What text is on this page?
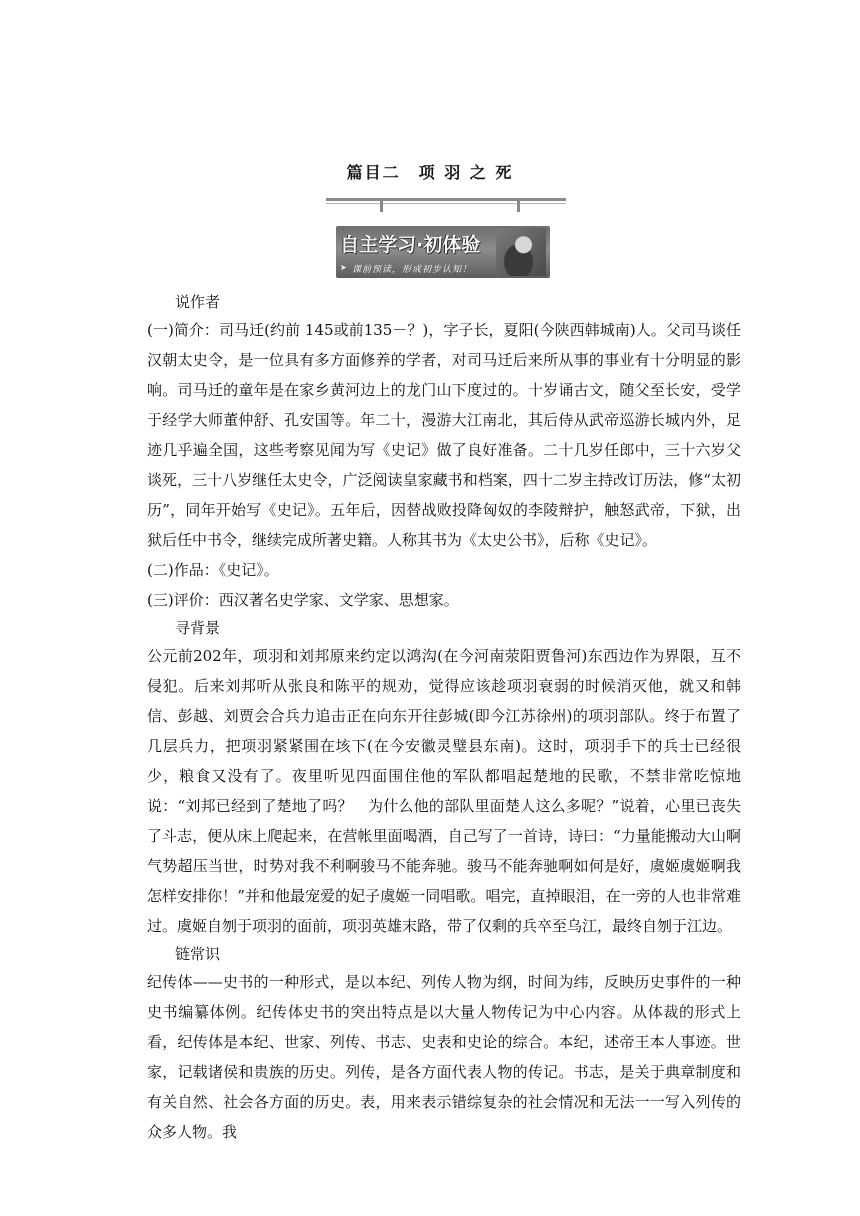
篇目二　项 羽 之 死
自主学习·初体验
➤ 课前预读，形成初步认知！
说作者

(一)简介：司马迁(约前 145或前135－？)，字子长，夏阳(今陕西韩城南)人。父司马谈任汉朝太史令，是一位具有多方面修养的学者，对司马迁后来所从事的事业有十分明显的影响。司马迁的童年是在家乡黄河边上的龙门山下度过的。十岁诵古文，随父至长安，受学于经学大师董仲舒、孔安国等。年二十，漫游大江南北，其后侍从武帝巡游长城内外，足迹几乎遍全国，这些考察见闻为写《史记》做了良好准备。二十几岁任郎中，三十六岁父谈死，三十八岁继任太史令，广泛阅读皇家藏书和档案，四十二岁主持改订历法，修“太初历”，同年开始写《史记》。五年后，因替战败投降匈奴的李陵辩护，触怒武帝，下狱，出狱后任中书令，继续完成所著史籍。人称其书为《太史公书》，后称《史记》。

(二)作品：《史记》。

(三)评价：西汉著名史学家、文学家、思想家。

寻背景

公元前202年，项羽和刘邦原来约定以鸿沟(在今河南荥阳贾鲁河)东西边作为界限，互不侵犯。后来刘邦听从张良和陈平的规劝，觉得应该趁项羽衰弱的时候消灭他，就又和韩信、彭越、刘贾会合兵力追击正在向东开往彭城(即今江苏徐州)的项羽部队。终于布置了几层兵力，把项羽紧紧围在垓下(在今安徽灵璧县东南)。这时，项羽手下的兵士已经很少，粮食又没有了。夜里听见四面围住他的军队都唱起楚地的民歌，不禁非常吃惊地说：“刘邦已经到了楚地了吗？　为什么他的部队里面楚人这么多呢？”说着，心里已丧失了斗志，便从床上爬起来，在营帐里面喝酒，自己写了一首诗，诗曰：“力量能搬动大山啊气势超压当世，时势对我不利啊骏马不能奔驰。骏马不能奔驰啊如何是好，虞姬虞姬啊我怎样安排你！”并和他最宠爱的妃子虞姬一同唱歌。唱完，直掉眼泪，在一旁的人也非常难过。虞姬自刎于项羽的面前，项羽英雄末路，带了仅剩的兵卒至乌江，最终自刎于江边。

链常识

纪传体——史书的一种形式，是以本纪、列传人物为纲，时间为纬，反映历史事件的一种史书编纂体例。纪传体史书的突出特点是以大量人物传记为中心内容。从体裁的形式上看，纪传体是本纪、世家、列传、书志、史表和史论的综合。本纪，述帝王本人事迹。世家，记载诸侯和贵族的历史。列传，是各方面代表人物的传记。书志，是关于典章制度和有关自然、社会各方面的历史。表，用来表示错综复杂的社会情况和无法一一写入列传的众多人物。我
